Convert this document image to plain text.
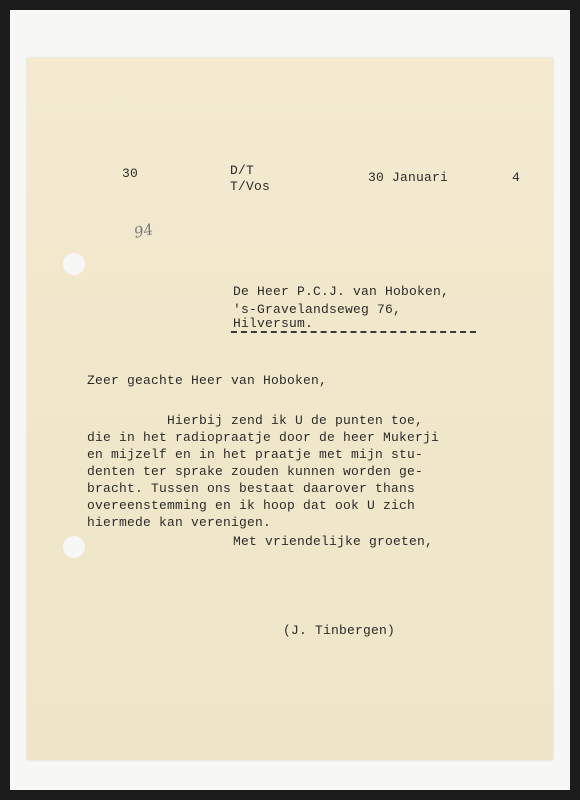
30	D/T
T/Vos
30 Januari	4
94
De Heer P.C.J. van Hoboken,
's-Gravelandseweg 76,
Hilversum.
Zeer geachte Heer van Hoboken,
Hierbij zend ik U de punten toe,
die in het radiopraatje door de heer Mukerji
en mijzelf en in het praatje met mijn stu-
denten ter sprake zouden kunnen worden ge-
bracht. Tussen ons bestaat daarover thans
overeenstemming en ik hoop dat ook U zich
hiermede kan verenigen.
Met vriendelijke groeten,
(J. Tinbergen)
